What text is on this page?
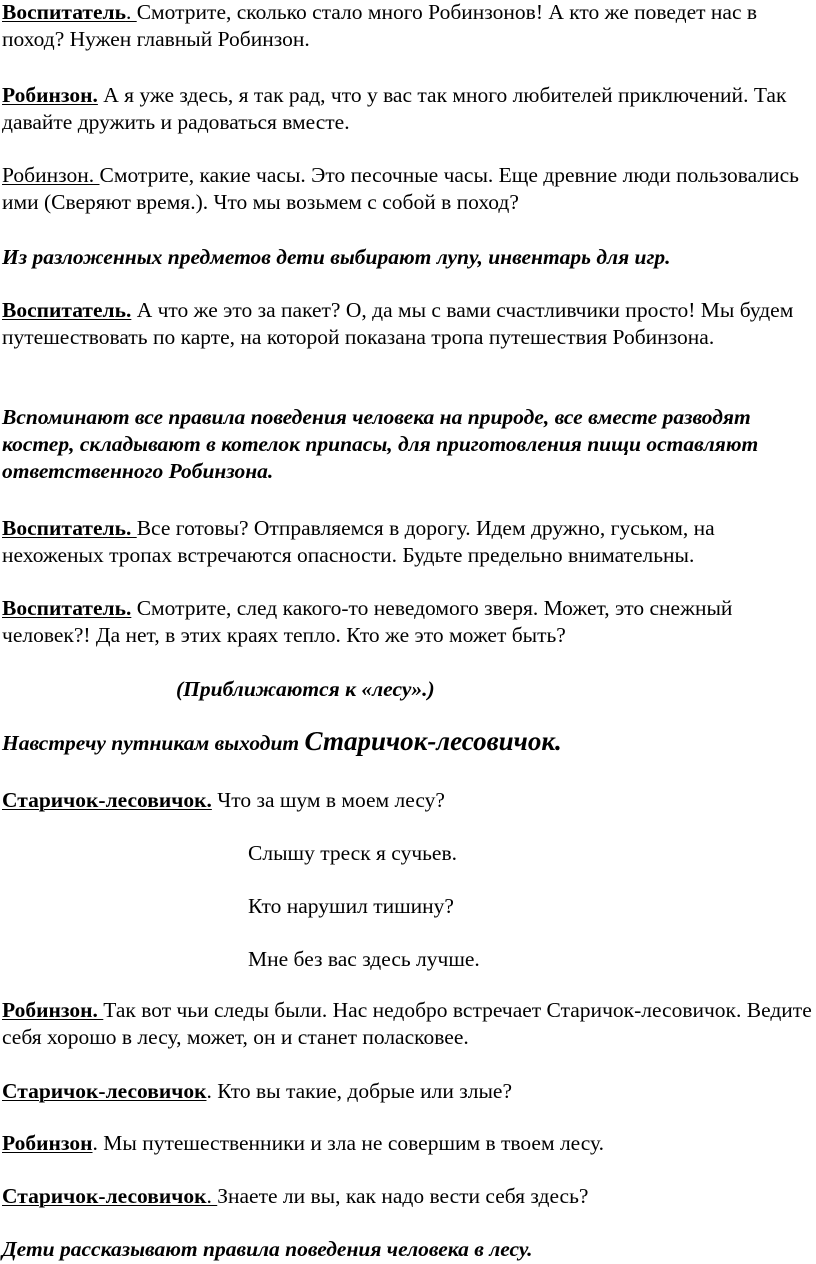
Воспитатель. Смотрите, сколько стало много Робинзонов! А кто же поведет нас в поход? Нужен главный Робинзон.

Робинзон. А я уже здесь, я так рад, что у вас так много любителей приключений. Так давайте дружить и радоваться вместе.

Робинзон. Смотрите, какие часы. Это песочные часы. Еще древние люди пользовались ими (Сверяют время.). Что мы возьмем с собой в поход?

Из разложенных предметов дети выбирают лупу, инвентарь для игр.

Воспитатель. А что же это за пакет? О, да мы с вами счастливчики просто! Мы будем путешествовать по карте, на которой показана тропа путешествия Робинзона.

Вспоминают все правила поведения человека на природе, все вместе разводят костер, складывают в котелок припасы, для приготовления пищи оставляют ответственного Робинзона.

Воспитатель. Все готовы? Отправляемся в дорогу. Идем дружно, гуськом, на нехоженых тропах встречаются опасности. Будьте предельно внимательны.

Воспитатель. Смотрите, след какого-то неведомого зверя. Может, это снежный человек?! Да нет, в этих краях тепло. Кто же это может быть?

(Приближаются к «лесу».)

Навстречу путникам выходит Старичок-лесовичок.

Старичок-лесовичок. Что за шум в моем лесу?

Слышу треск я сучьев.

Кто нарушил тишину?

Мне без вас здесь лучше.

Робинзон. Так вот чьи следы были. Нас недобро встречает Старичок-лесовичок. Ведите себя хорошо в лесу, может, он и станет поласковее.

Старичок-лесовичок. Кто вы такие, добрые или злые?

Робинзон. Мы путешественники и зла не совершим в твоем лесу.

Старичок-лесовичок. Знаете ли вы, как надо вести себя здесь?

Дети рассказывают правила поведения человека в лесу.
